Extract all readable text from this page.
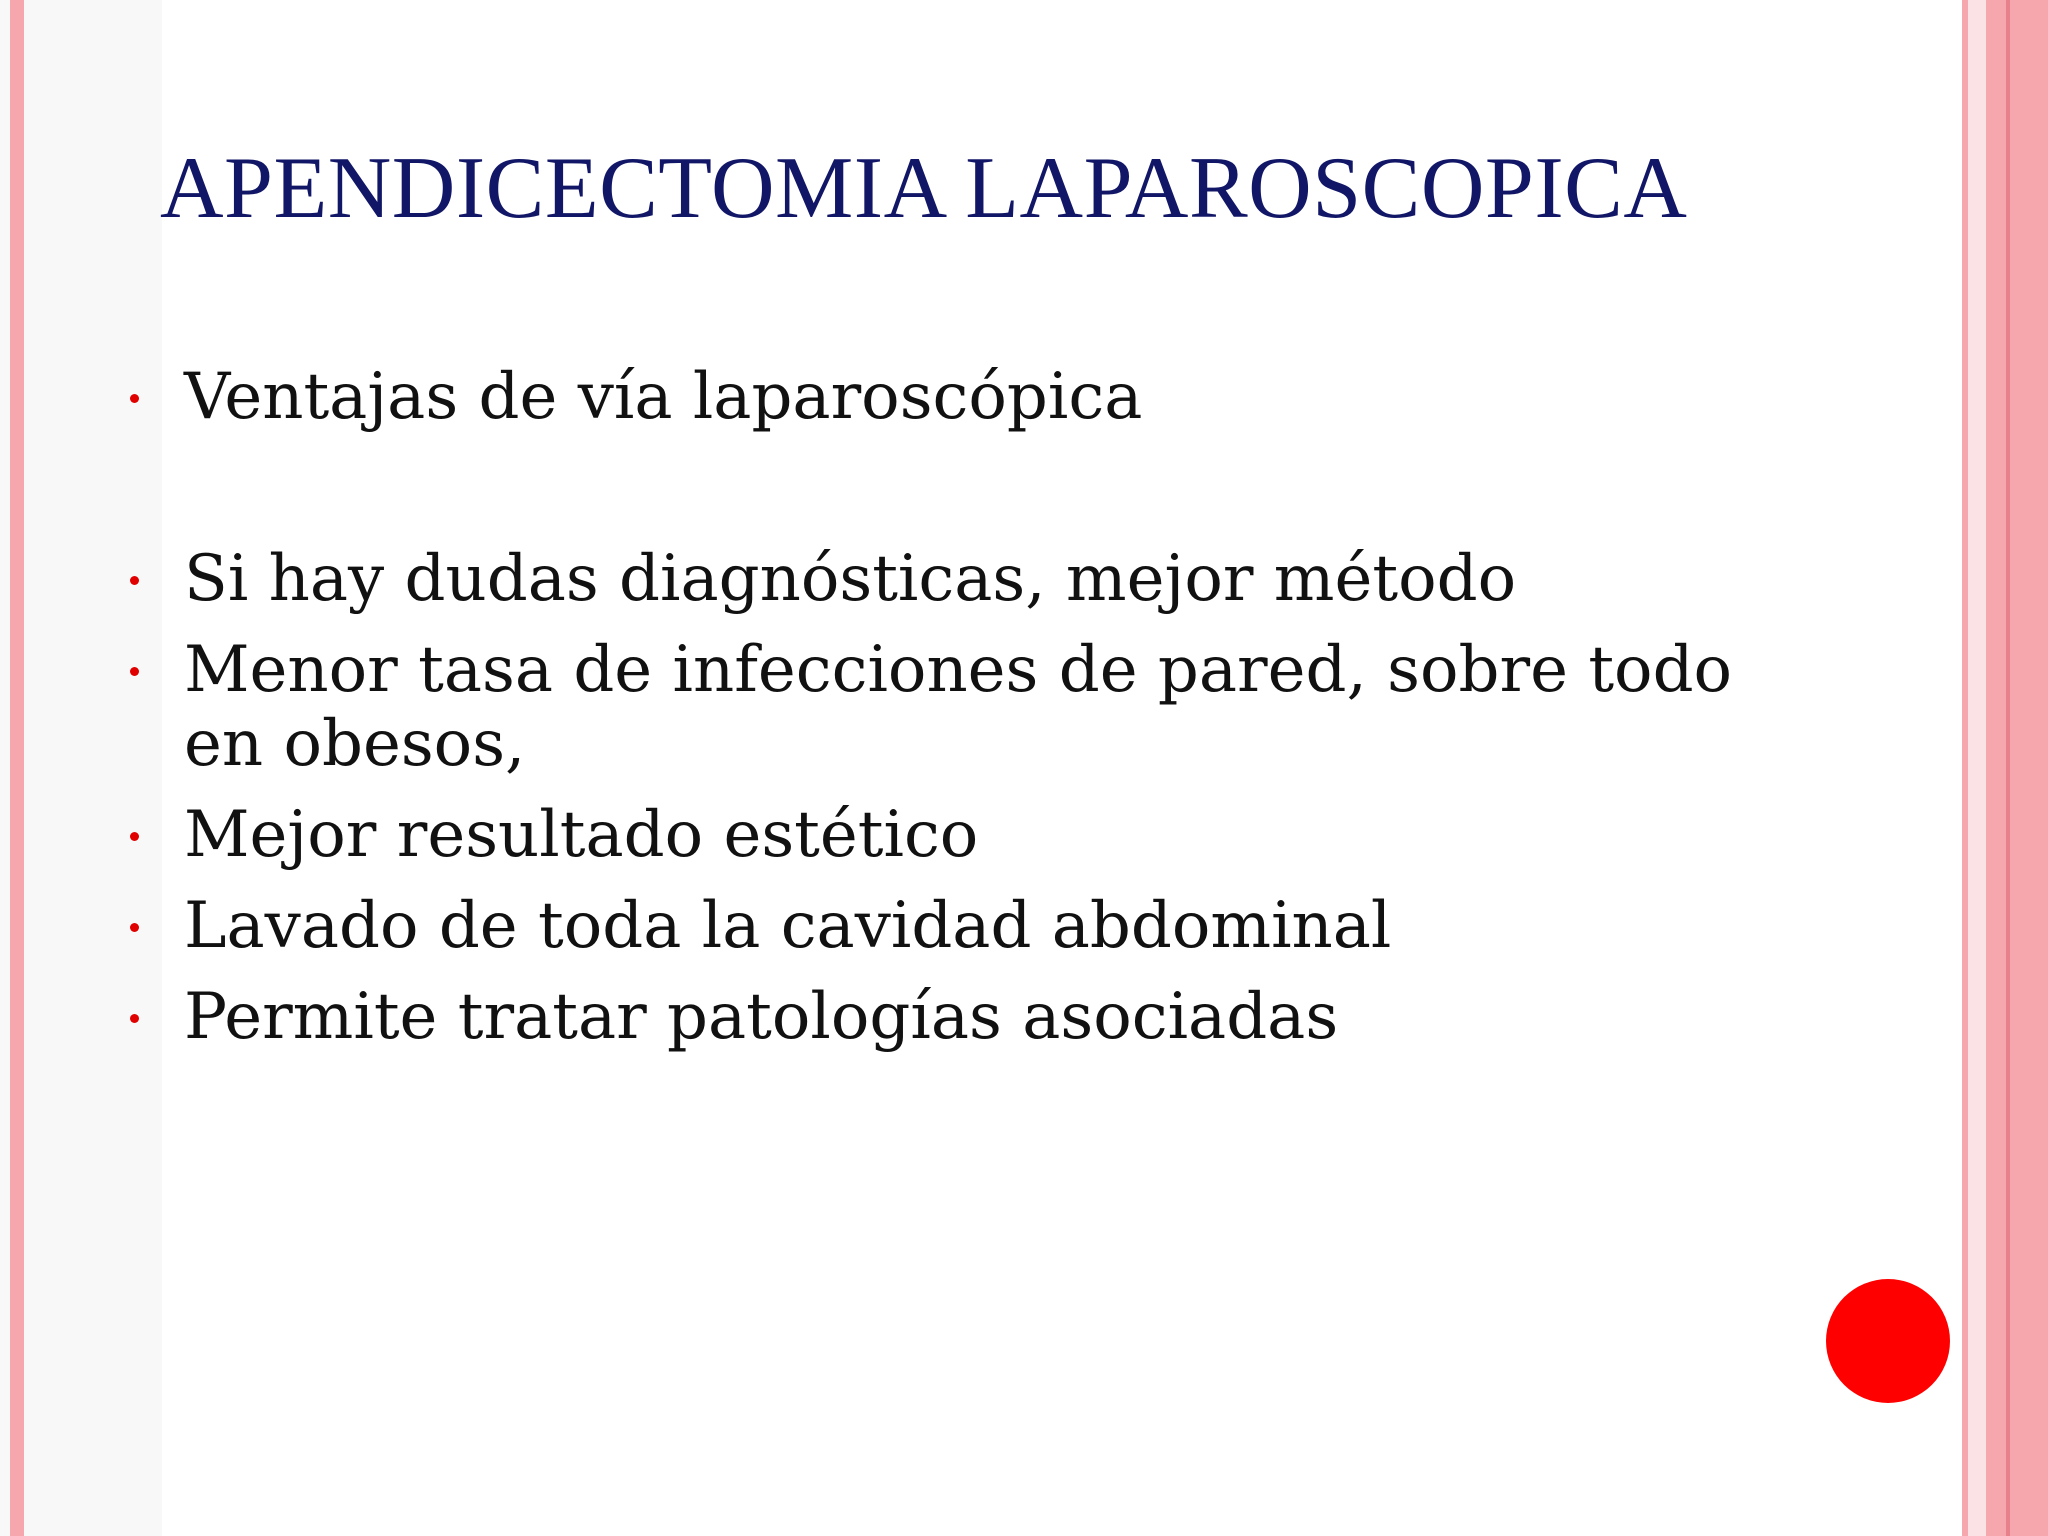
APENDICECTOMIA LAPAROSCOPICA
Ventajas de vía laparoscópica
Si hay dudas diagnósticas, mejor método
Menor tasa de infecciones de pared, sobre todo en obesos,
Mejor resultado estético
Lavado de toda la cavidad abdominal
Permite tratar patologías asociadas
